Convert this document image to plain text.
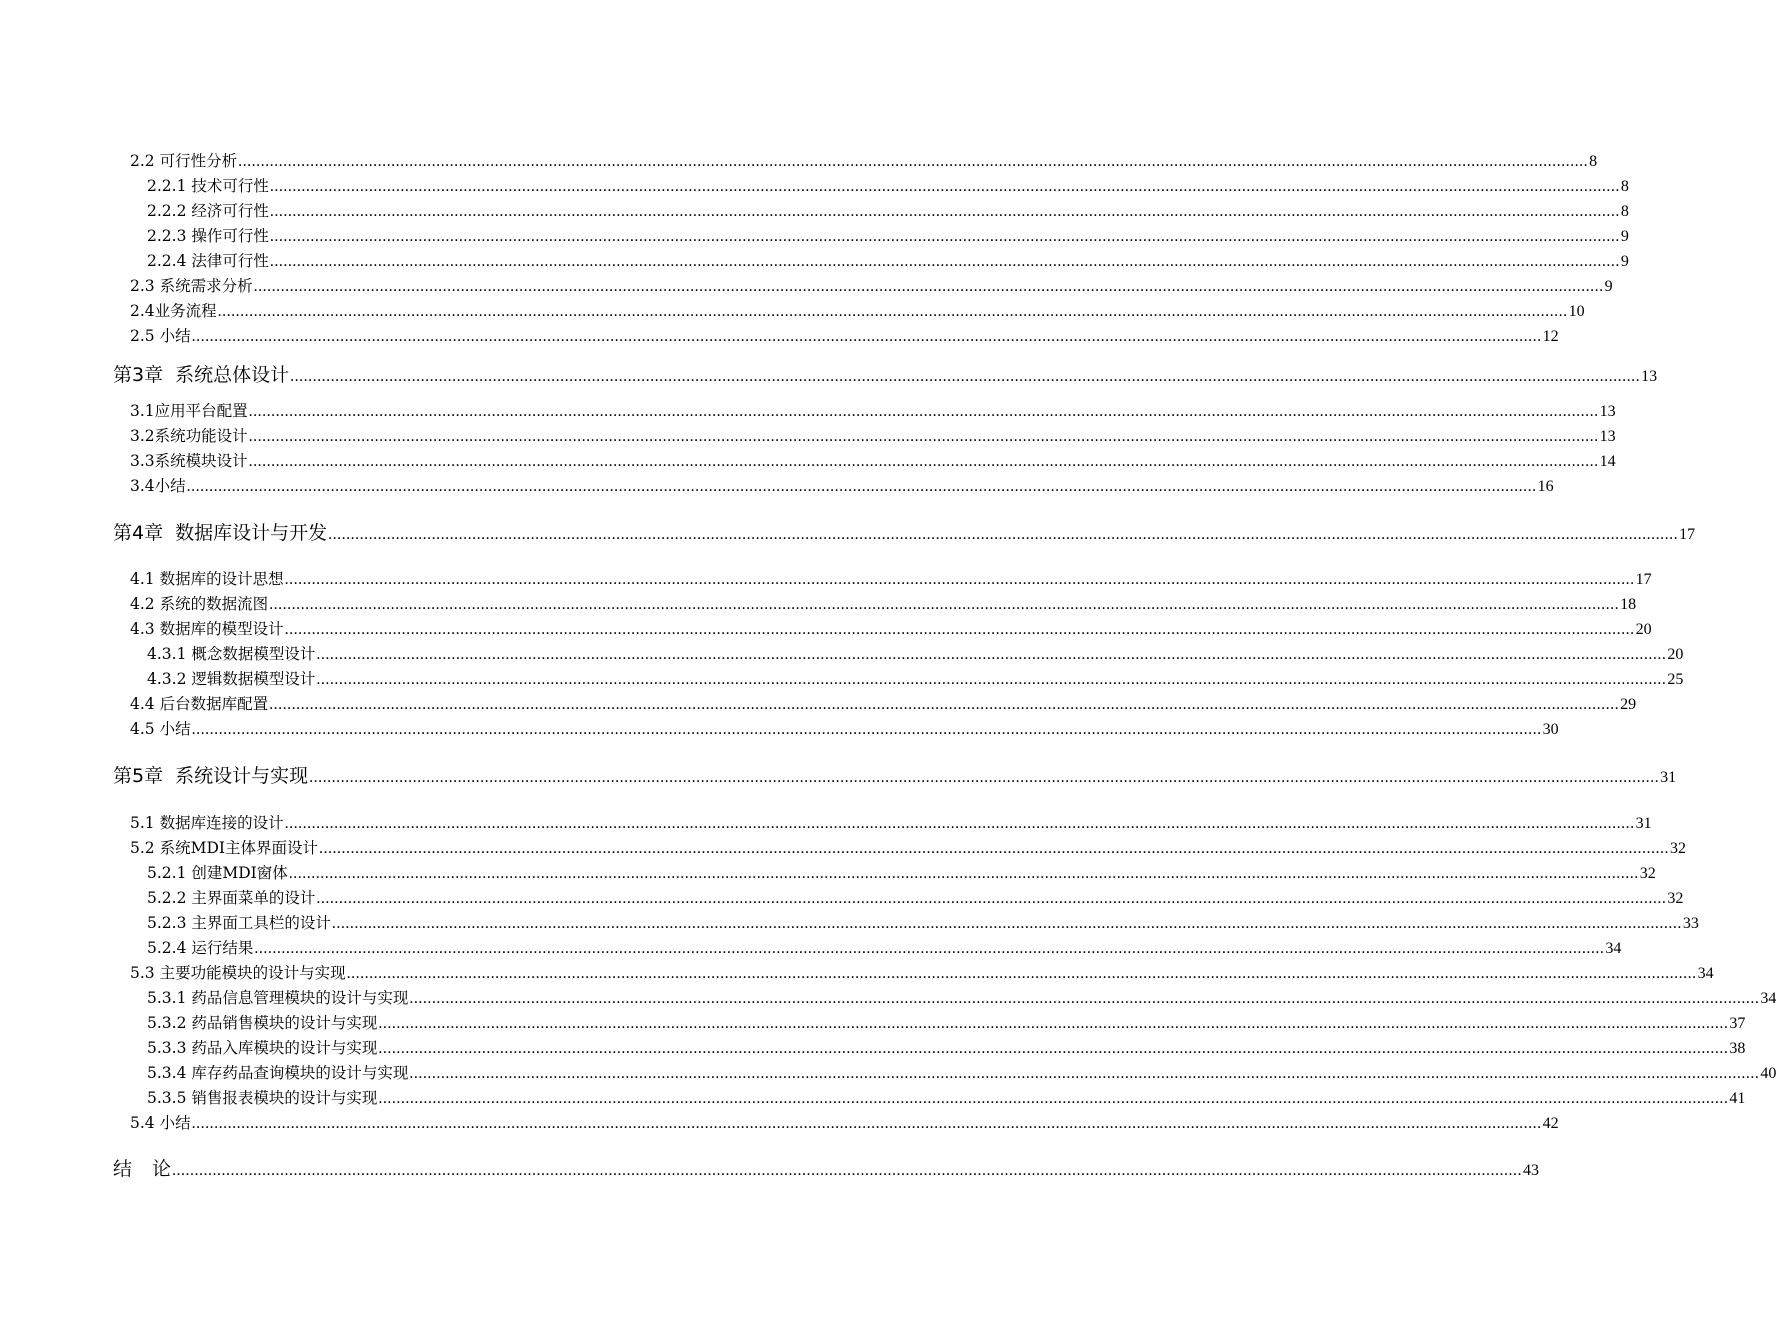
2.2 可行性分析 ............................................................................................................................................................................................................................................................................................................ 8
2.2.1 技术可行性 ............................................................................................................................................................................................................................................................................................................ 8
2.2.2 经济可行性 ............................................................................................................................................................................................................................................................................................................ 8
2.2.3 操作可行性 ............................................................................................................................................................................................................................................................................................................ 9
2.2.4 法律可行性 ............................................................................................................................................................................................................................................................................................................ 9
2.3 系统需求分析 ............................................................................................................................................................................................................................................................................................................ 9
2.4业务流程 ............................................................................................................................................................................................................................................................................................................ 10
2.5 小结 ............................................................................................................................................................................................................................................................................................................ 12
第3章 系统总体设计 ............................................................................................................................................................................................................................................................................................................ 13
3.1应用平台配置 ............................................................................................................................................................................................................................................................................................................ 13
3.2系统功能设计 ............................................................................................................................................................................................................................................................................................................ 13
3.3系统模块设计 ............................................................................................................................................................................................................................................................................................................ 14
3.4小结 ............................................................................................................................................................................................................................................................................................................ 16
第4章 数据库设计与开发 ............................................................................................................................................................................................................................................................................................................ 17
4.1 数据库的设计思想 ............................................................................................................................................................................................................................................................................................................ 17
4.2 系统的数据流图 ............................................................................................................................................................................................................................................................................................................ 18
4.3 数据库的模型设计 ............................................................................................................................................................................................................................................................................................................ 20
4.3.1 概念数据模型设计 ............................................................................................................................................................................................................................................................................................................ 20
4.3.2 逻辑数据模型设计 ............................................................................................................................................................................................................................................................................................................ 25
4.4 后台数据库配置 ............................................................................................................................................................................................................................................................................................................ 29
4.5 小结 ............................................................................................................................................................................................................................................................................................................ 30
第5章 系统设计与实现 ............................................................................................................................................................................................................................................................................................................ 31
5.1 数据库连接的设计 ............................................................................................................................................................................................................................................................................................................ 31
5.2 系统MDI主体界面设计 ............................................................................................................................................................................................................................................................................................................ 32
5.2.1 创建MDI窗体 ............................................................................................................................................................................................................................................................................................................ 32
5.2.2 主界面菜单的设计 ............................................................................................................................................................................................................................................................................................................ 32
5.2.3 主界面工具栏的设计 ............................................................................................................................................................................................................................................................................................................ 33
5.2.4 运行结果 ............................................................................................................................................................................................................................................................................................................ 34
5.3 主要功能模块的设计与实现 ............................................................................................................................................................................................................................................................................................................ 34
5.3.1 药品信息管理模块的设计与实现 ............................................................................................................................................................................................................................................................................................................ 34
5.3.2 药品销售模块的设计与实现 ............................................................................................................................................................................................................................................................................................................ 37
5.3.3 药品入库模块的设计与实现 ............................................................................................................................................................................................................................................................................................................ 38
5.3.4 库存药品查询模块的设计与实现 ............................................................................................................................................................................................................................................................................................................ 40
5.3.5 销售报表模块的设计与实现 ............................................................................................................................................................................................................................................................................................................ 41
5.4 小结 ............................................................................................................................................................................................................................................................................................................ 42
结 论 ............................................................................................................................................................................................................................................................................................................ 43
